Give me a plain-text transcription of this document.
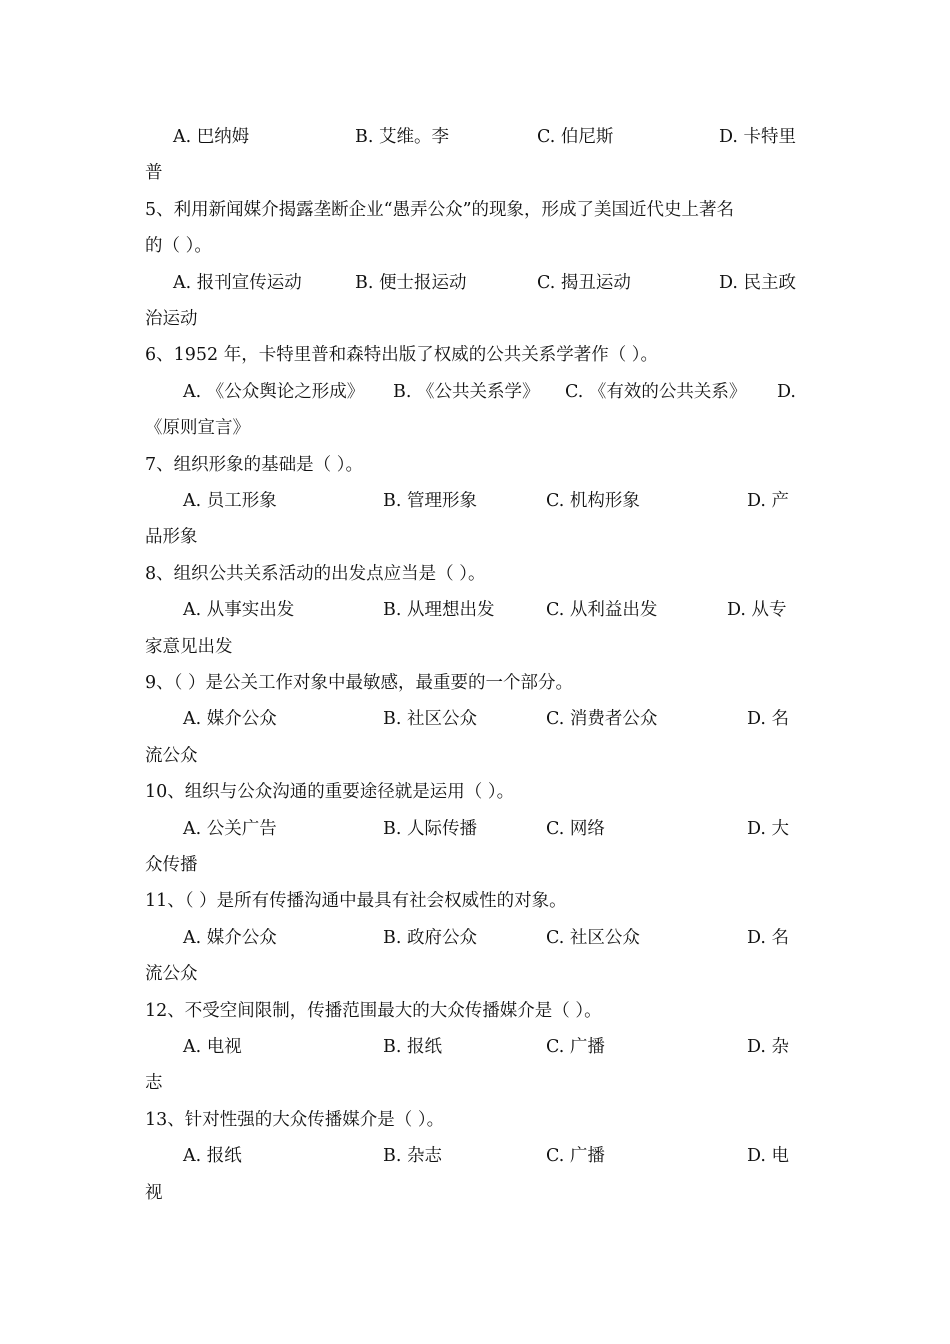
A. 巴纳姆	B. 艾维。李	C. 伯尼斯	D. 卡特里
普
5、利用新闻媒介揭露垄断企业“愚弄公众”的现象，形成了美国近代史上著名
的（ ）。
A. 报刊宣传运动	B. 便士报运动	C. 揭丑运动	D. 民主政
治运动
6、1952 年，卡特里普和森特出版了权威的公共关系学著作（ ）。
A. 《公众舆论之形成》 B. 《公共关系学》 C. 《有效的公共关系》 D.
《原则宣言》
7、组织形象的基础是（ ）。
A. 员工形象	B. 管理形象	C. 机构形象	D. 产
品形象
8、组织公共关系活动的出发点应当是（ ）。
A. 从事实出发	B. 从理想出发	C. 从利益出发	D. 从专
家意见出发
9、（ ）是公关工作对象中最敏感，最重要的一个部分。
A. 媒介公众	B. 社区公众	C. 消费者公众	D. 名
流公众
10、组织与公众沟通的重要途径就是运用（ ）。
A. 公关广告	B. 人际传播	C. 网络	D. 大
众传播
11、（ ）是所有传播沟通中最具有社会权威性的对象。
A. 媒介公众	B. 政府公众	C. 社区公众	D. 名
流公众
12、不受空间限制，传播范围最大的大众传播媒介是（ ）。
A. 电视	B. 报纸	C. 广播	D. 杂
志
13、针对性强的大众传播媒介是（ ）。
A. 报纸	B. 杂志	C. 广播	D. 电
视
